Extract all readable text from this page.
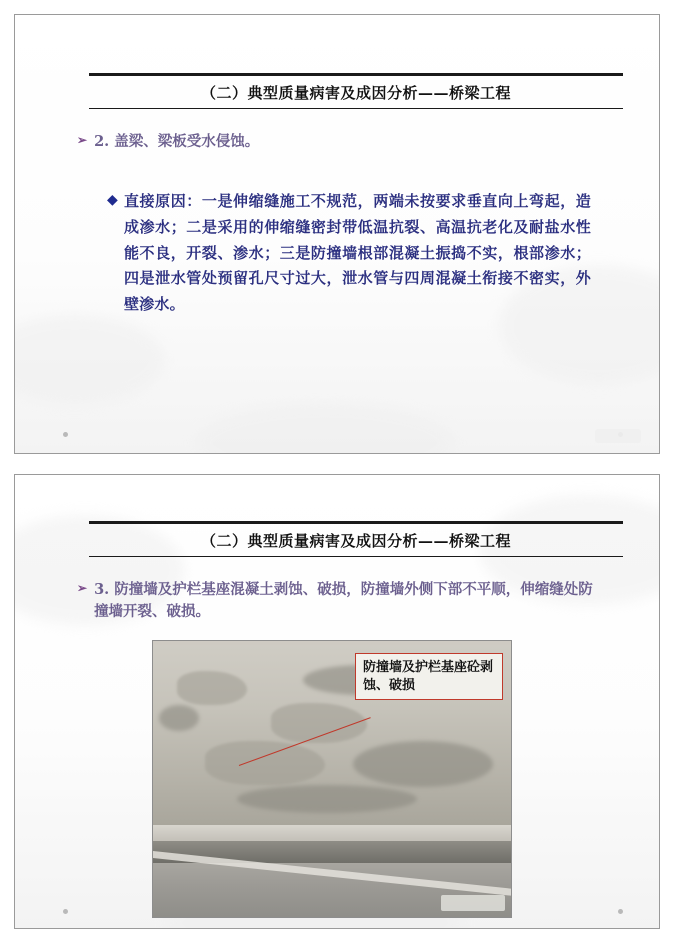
（二）典型质量病害及成因分析——桥梁工程
➢ 2. 盖梁、梁板受水侵蚀。
◆ 直接原因：一是伸缩缝施工不规范，两端未按要求垂直向上弯起，造成渗水；二是采用的伸缩缝密封带低温抗裂、高温抗老化及耐盐水性能不良，开裂、渗水；三是防撞墙根部混凝土振捣不实，根部渗水；四是泄水管处预留孔尺寸过大，泄水管与四周混凝土衔接不密实，外壁渗水。
（二）典型质量病害及成因分析——桥梁工程
➢ 3. 防撞墙及护栏基座混凝土剥蚀、破损，防撞墙外侧下部不平顺，伸缩缝处防撞墙开裂、破损。
防撞墙及护栏基座砼剥蚀、破损
